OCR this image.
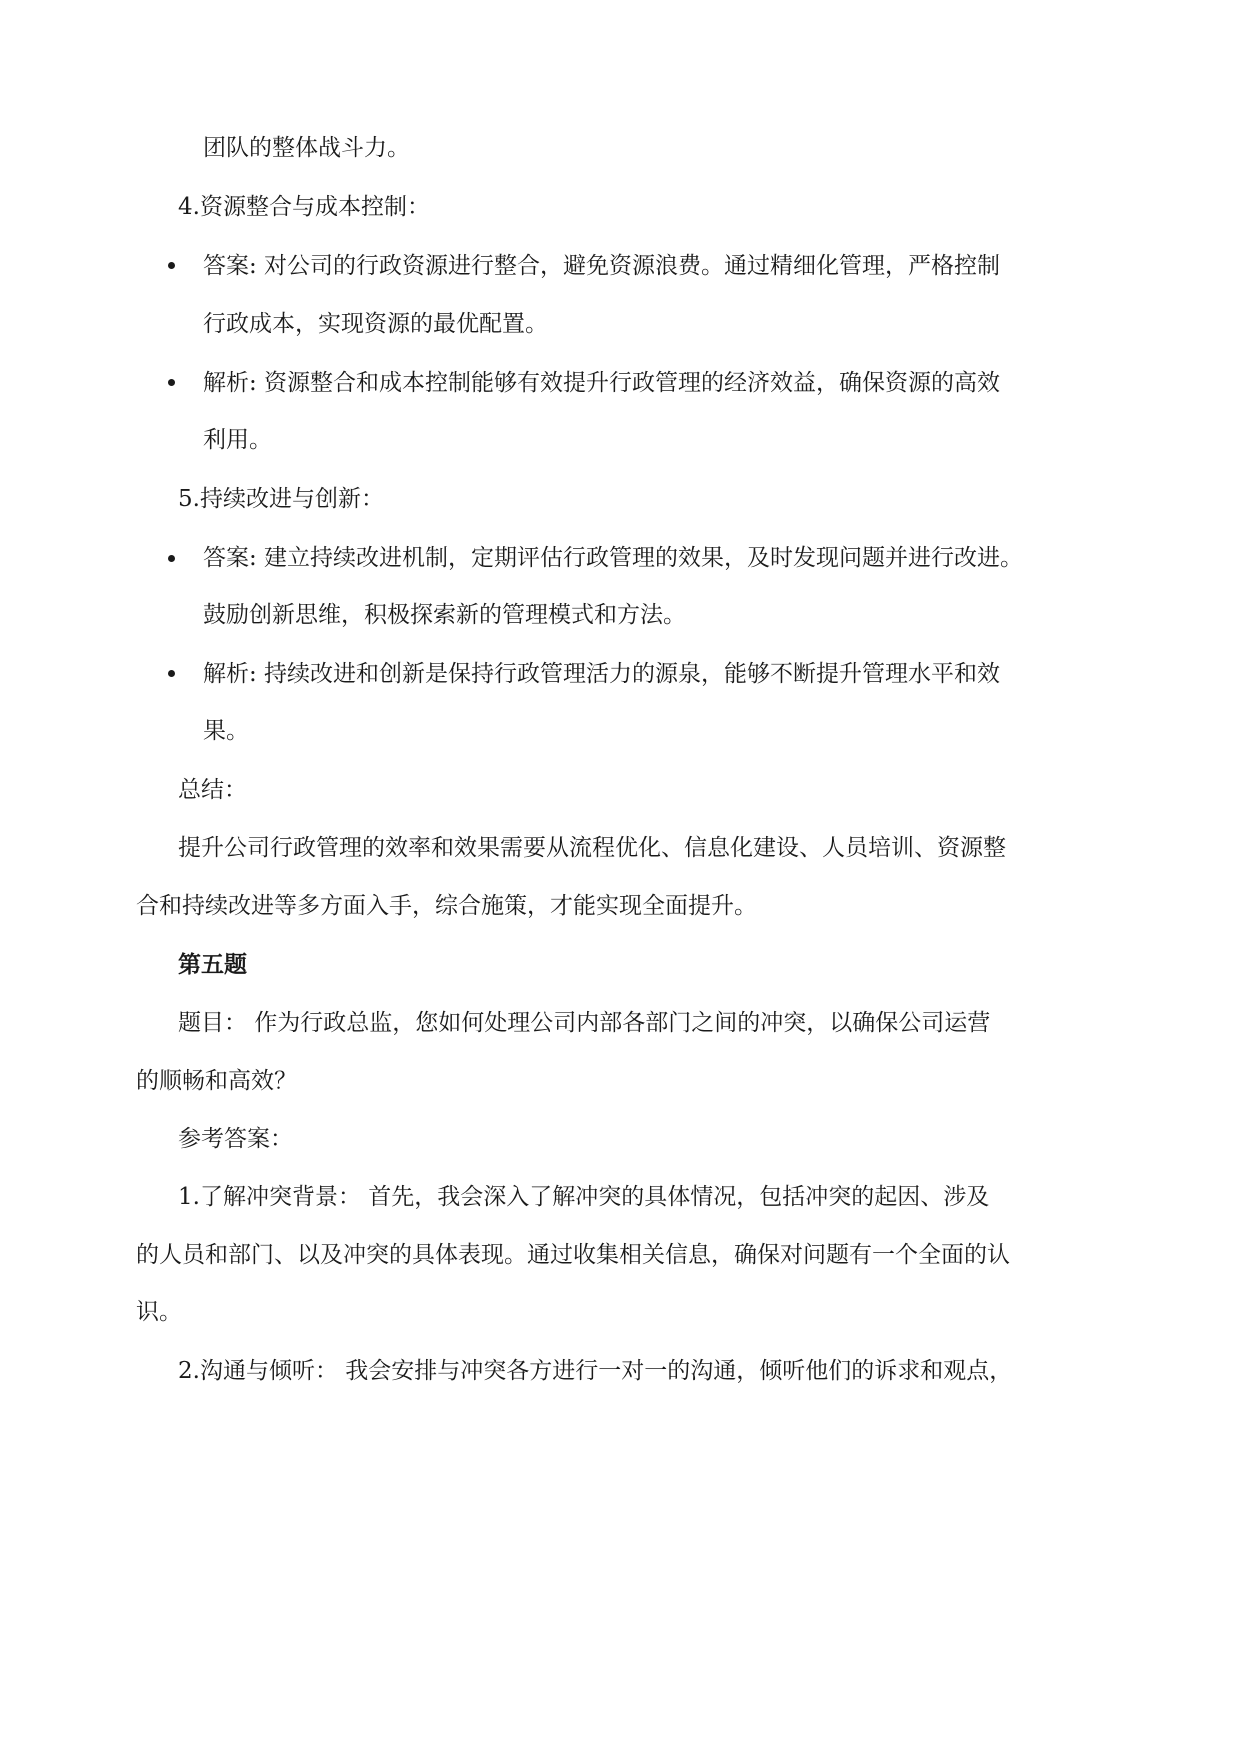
团队的整体战斗力。
4.资源整合与成本控制：
答案: 对公司的行政资源进行整合，避免资源浪费。通过精细化管理，严格控制
行政成本，实现资源的最优配置。
解析: 资源整合和成本控制能够有效提升行政管理的经济效益，确保资源的高效
利用。
5.持续改进与创新：
答案: 建立持续改进机制，定期评估行政管理的效果，及时发现问题并进行改进。
鼓励创新思维，积极探索新的管理模式和方法。
解析: 持续改进和创新是保持行政管理活力的源泉，能够不断提升管理水平和效
果。
总结：
提升公司行政管理的效率和效果需要从流程优化、信息化建设、人员培训、资源整
合和持续改进等多方面入手，综合施策，才能实现全面提升。
第五题
题目： 作为行政总监，您如何处理公司内部各部门之间的冲突，以确保公司运营
的顺畅和高效？
参考答案：
1.了解冲突背景： 首先，我会深入了解冲突的具体情况，包括冲突的起因、涉及
的人员和部门、以及冲突的具体表现。通过收集相关信息，确保对问题有一个全面的认
识。
2.沟通与倾听： 我会安排与冲突各方进行一对一的沟通，倾听他们的诉求和观点，
